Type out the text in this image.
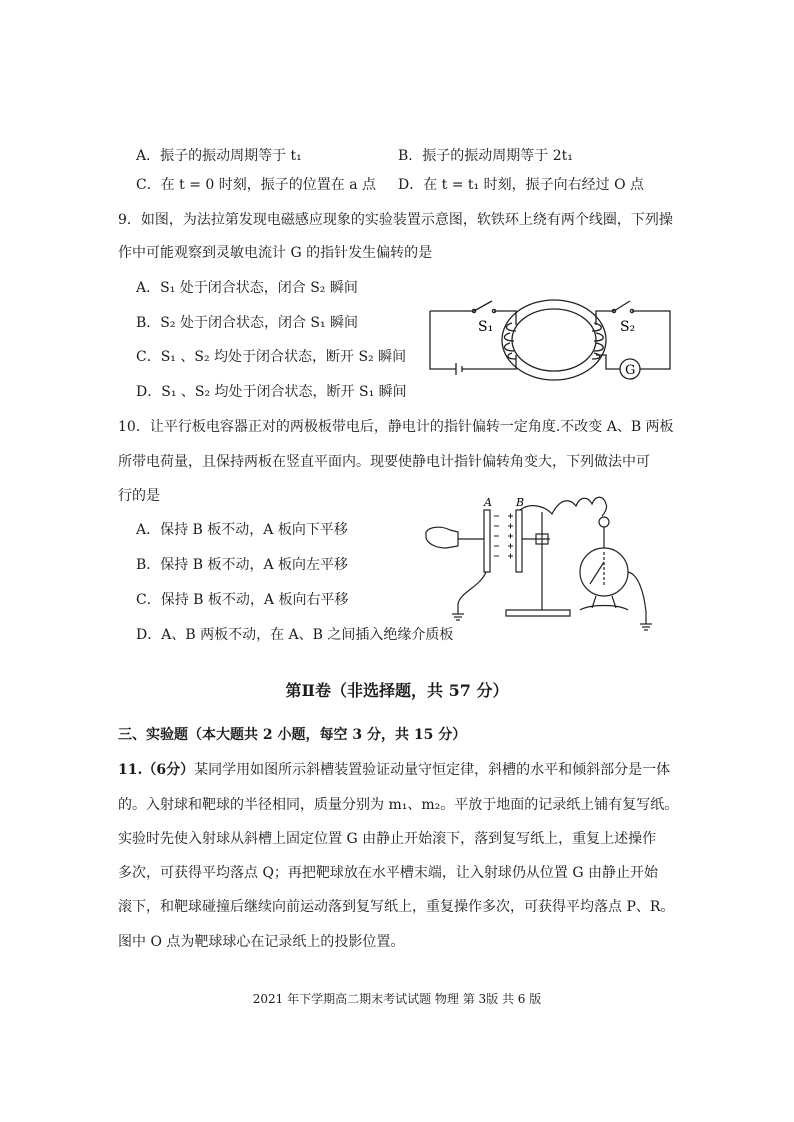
A．振子的振动周期等于 t₁	B．振子的振动周期等于 2t₁
C．在 t = 0 时刻，振子的位置在 a 点 D．在 t = t₁ 时刻，振子向右经过 O 点
9．如图，为法拉第发现电磁感应现象的实验装置示意图，软铁环上绕有两个线圈，下列操
作中可能观察到灵敏电流计 G 的指针发生偏转的是
A．S₁ 处于闭合状态，闭合 S₂ 瞬间
B．S₂ 处于闭合状态，闭合 S₁ 瞬间
C．S₁ 、S₂ 均处于闭合状态，断开 S₂ 瞬间
D．S₁ 、S₂ 均处于闭合状态，断开 S₁ 瞬间
S₁	S₂
G
10．让平行板电容器正对的两极板带电后，静电计的指针偏转一定角度.不改变 A、B 两板
所带电荷量，且保持两板在竖直平面内。现要使静电计指针偏转角变大，下列做法中可
行的是
A．保持 B 板不动，A 板向下平移
B．保持 B 板不动，A 板向左平移
C．保持 B 板不动，A 板向右平移
D．A、B 两板不动，在 A、B 之间插入绝缘介质板
A B
第Ⅱ卷（非选择题，共 57 分）
三、实验题（本大题共 2 小题，每空 3 分，共 15 分）
11.（6分）某同学用如图所示斜槽装置验证动量守恒定律，斜槽的水平和倾斜部分是一体
的。入射球和靶球的半径相同，质量分别为 m₁、m₂。平放于地面的记录纸上铺有复写纸。
实验时先使入射球从斜槽上固定位置 G 由静止开始滚下，落到复写纸上，重复上述操作
多次，可获得平均落点 Q；再把靶球放在水平槽末端，让入射球仍从位置 G 由静止开始
滚下，和靶球碰撞后继续向前运动落到复写纸上，重复操作多次，可获得平均落点 P、R。
图中 O 点为靶球球心在记录纸上的投影位置。
2021 年下学期高二期末考试试题 物理 第 3版 共 6 版
